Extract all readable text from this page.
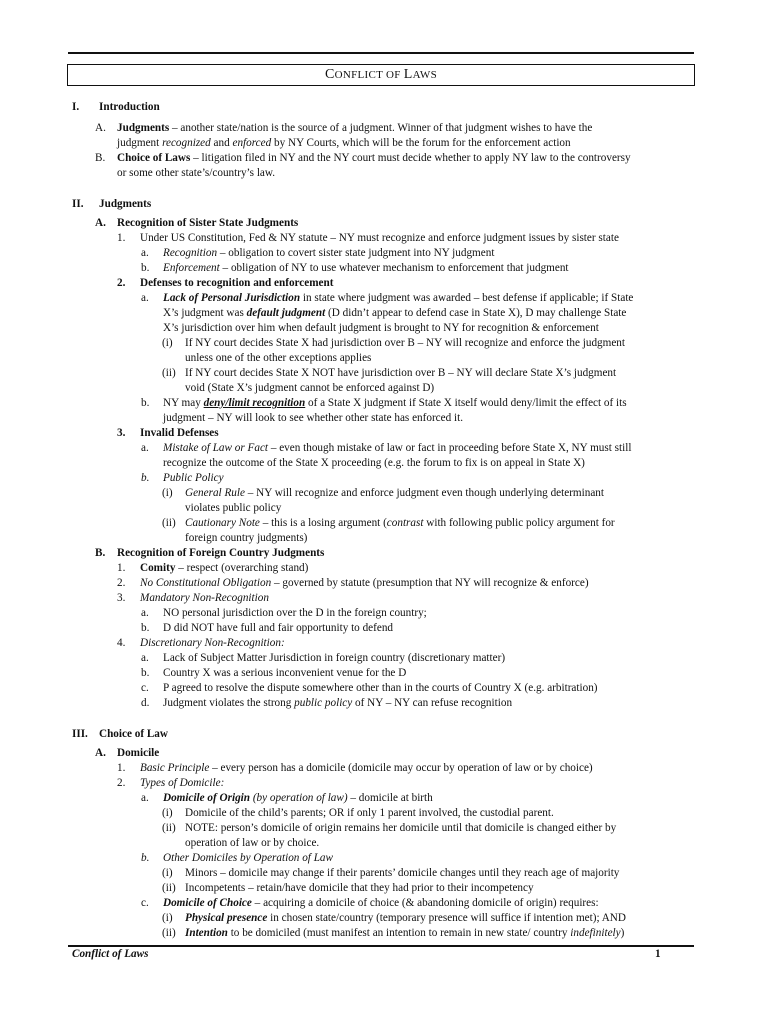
CONFLICT OF LAWS
I. Introduction

A. Judgments – another state/nation is the source of a judgment. Winner of that judgment wishes to have the

judgment recognized and enforced by NY Courts, which will be the forum for the enforcement action

B. Choice of Laws – litigation filed in NY and the NY court must decide whether to apply NY law to the controversy

or some other state’s/country’s law.

II. Judgments

A. Recognition of Sister State Judgments

1. Under US Constitution, Fed & NY statute – NY must recognize and enforce judgment issues by sister state

a. Recognition – obligation to covert sister state judgment into NY judgment

b. Enforcement – obligation of NY to use whatever mechanism to enforcement that judgment

2. Defenses to recognition and enforcement

a. Lack of Personal Jurisdiction in state where judgment was awarded – best defense if applicable; if State

X’s judgment was default judgment (D didn’t appear to defend case in State X), D may challenge State

X’s jurisdiction over him when default judgment is brought to NY for recognition & enforcement

(i) If NY court decides State X had jurisdiction over B – NY will recognize and enforce the judgment

unless one of the other exceptions applies

(ii) If NY court decides State X NOT have jurisdiction over B – NY will declare State X’s judgment

void (State X’s judgment cannot be enforced against D)

b. NY may deny/limit recognition of a State X judgment if State X itself would deny/limit the effect of its

judgment – NY will look to see whether other state has enforced it.

3. Invalid Defenses

a. Mistake of Law or Fact – even though mistake of law or fact in proceeding before State X, NY must still

recognize the outcome of the State X proceeding (e.g. the forum to fix is on appeal in State X)

b. Public Policy

(i) General Rule – NY will recognize and enforce judgment even though underlying determinant

violates public policy

(ii) Cautionary Note – this is a losing argument (contrast with following public policy argument for

foreign country judgments)

B. Recognition of Foreign Country Judgments

1. Comity – respect (overarching stand)

2. No Constitutional Obligation – governed by statute (presumption that NY will recognize & enforce)

3. Mandatory Non-Recognition

a. NO personal jurisdiction over the D in the foreign country;

b. D did NOT have full and fair opportunity to defend

4. Discretionary Non-Recognition:

a. Lack of Subject Matter Jurisdiction in foreign country (discretionary matter)

b. Country X was a serious inconvenient venue for the D

c. P agreed to resolve the dispute somewhere other than in the courts of Country X (e.g. arbitration)

d. Judgment violates the strong public policy of NY – NY can refuse recognition

III. Choice of Law

A. Domicile

1. Basic Principle – every person has a domicile (domicile may occur by operation of law or by choice)

2. Types of Domicile:

a. Domicile of Origin (by operation of law) – domicile at birth

(i) Domicile of the child’s parents; OR if only 1 parent involved, the custodial parent.

(ii) NOTE: person’s domicile of origin remains her domicile until that domicile is changed either by

operation of law or by choice.

b. Other Domiciles by Operation of Law

(i) Minors – domicile may change if their parents’ domicile changes until they reach age of majority

(ii) Incompetents – retain/have domicile that they had prior to their incompetency

c. Domicile of Choice – acquiring a domicile of choice (& abandoning domicile of origin) requires:

(i) Physical presence in chosen state/country (temporary presence will suffice if intention met); AND

(ii) Intention to be domiciled (must manifest an intention to remain in new state/ country indefinitely)

Conflict of Laws	1
